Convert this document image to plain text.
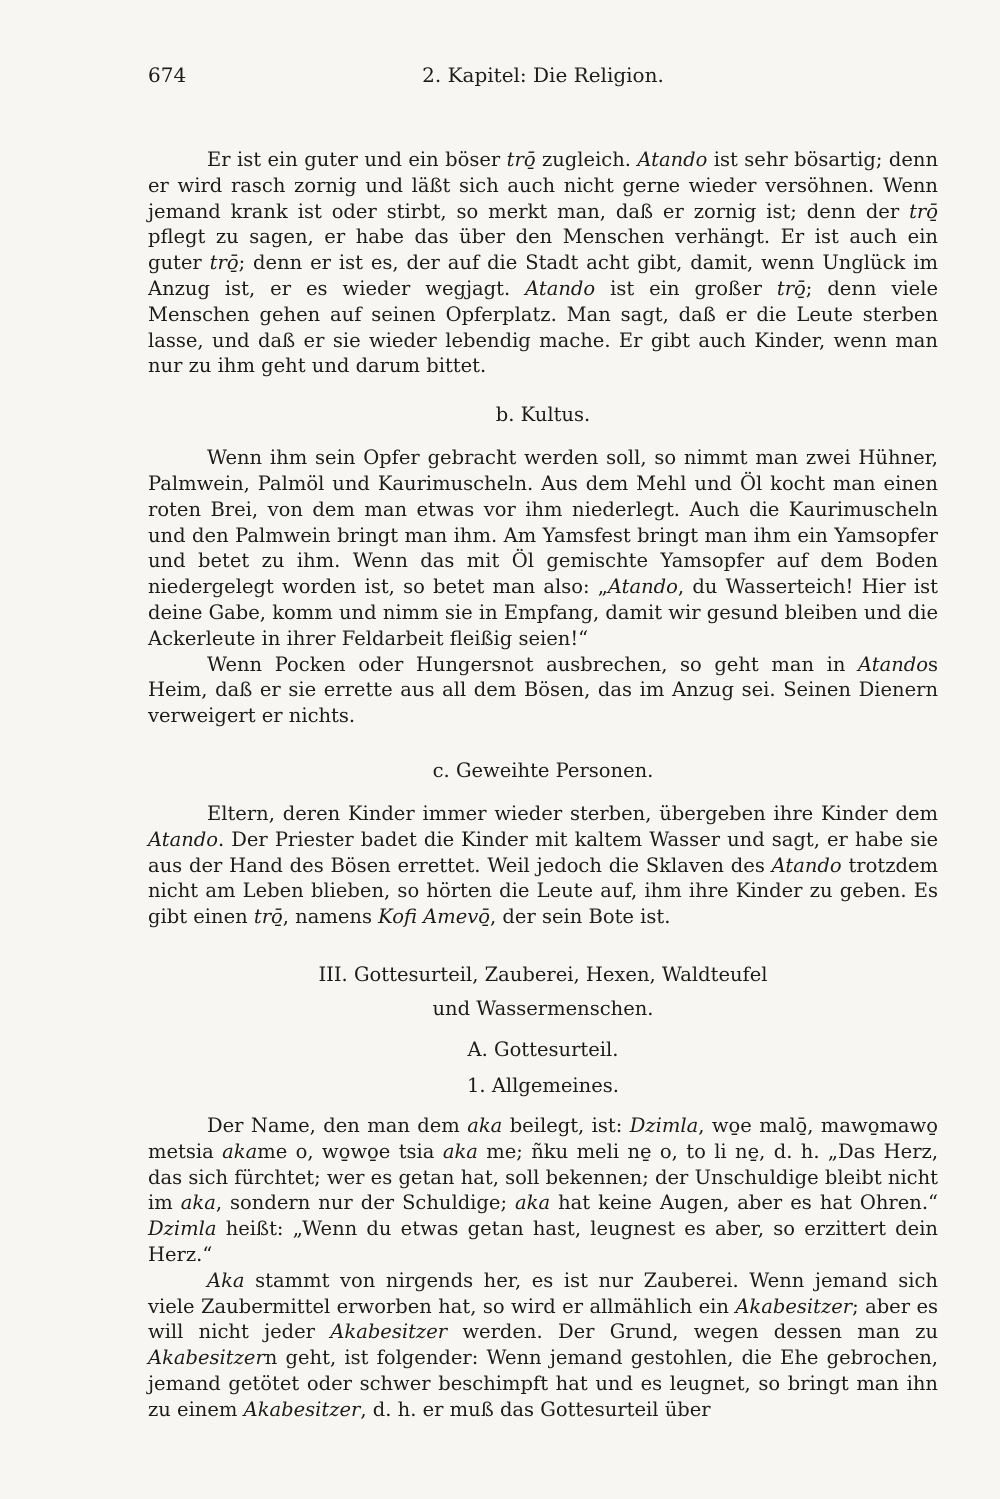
674	2. Kapitel: Die Religion.

Er ist ein guter und ein böser trō̱ zugleich. Atando ist sehr bösartig; denn er wird rasch zornig und läßt sich auch nicht gerne wieder versöhnen. Wenn jemand krank ist oder stirbt, so merkt man, daß er zornig ist; denn der trō̱ pflegt zu sagen, er habe das über den Menschen verhängt. Er ist auch ein guter trō̱; denn er ist es, der auf die Stadt acht gibt, damit, wenn Unglück im Anzug ist, er es wieder wegjagt. Atando ist ein großer trō̱; denn viele Menschen gehen auf seinen Opferplatz. Man sagt, daß er die Leute sterben lasse, und daß er sie wieder lebendig mache. Er gibt auch Kinder, wenn man nur zu ihm geht und darum bittet.

b. Kultus.

Wenn ihm sein Opfer gebracht werden soll, so nimmt man zwei Hühner, Palmwein, Palmöl und Kaurimuscheln. Aus dem Mehl und Öl kocht man einen roten Brei, von dem man etwas vor ihm niederlegt. Auch die Kaurimuscheln und den Palmwein bringt man ihm. Am Yamsfest bringt man ihm ein Yamsopfer und betet zu ihm. Wenn das mit Öl gemischte Yamsopfer auf dem Boden niedergelegt worden ist, so betet man also: „Atando, du Wasserteich! Hier ist deine Gabe, komm und nimm sie in Empfang, damit wir gesund bleiben und die Ackerleute in ihrer Feldarbeit fleißig seien!“

Wenn Pocken oder Hungersnot ausbrechen, so geht man in Atandos Heim, daß er sie errette aus all dem Bösen, das im Anzug sei. Seinen Dienern verweigert er nichts.

c. Geweihte Personen.

Eltern, deren Kinder immer wieder sterben, übergeben ihre Kinder dem Atando. Der Priester badet die Kinder mit kaltem Wasser und sagt, er habe sie aus der Hand des Bösen errettet. Weil jedoch die Sklaven des Atando trotzdem nicht am Leben blieben, so hörten die Leute auf, ihm ihre Kinder zu geben. Es gibt einen trō̱, namens Kofi Amevō̱, der sein Bote ist.

III. Gottesurteil, Zauberei, Hexen, Waldteufel
und Wassermenschen.
A. Gottesurteil.
1. Allgemeines.

Der Name, den man dem aka beilegt, ist: Dzimla, wo̱e malō̱, mawo̱mawo̱ metsia akame o, wo̱wo̱e tsia aka me; ñku meli ne̱ o, to li ne̱, d. h. „Das Herz, das sich fürchtet; wer es getan hat, soll bekennen; der Unschuldige bleibt nicht im aka, sondern nur der Schuldige; aka hat keine Augen, aber es hat Ohren.“ Dzimla heißt: „Wenn du etwas getan hast, leugnest es aber, so erzittert dein Herz.“

Aka stammt von nirgends her, es ist nur Zauberei. Wenn jemand sich viele Zaubermittel erworben hat, so wird er allmählich ein Akabesitzer; aber es will nicht jeder Akabesitzer werden. Der Grund, wegen dessen man zu Akabesitzern geht, ist folgender: Wenn jemand gestohlen, die Ehe gebrochen, jemand getötet oder schwer beschimpft hat und es leugnet, so bringt man ihn zu einem Akabesitzer, d. h. er muß das Gottesurteil über
